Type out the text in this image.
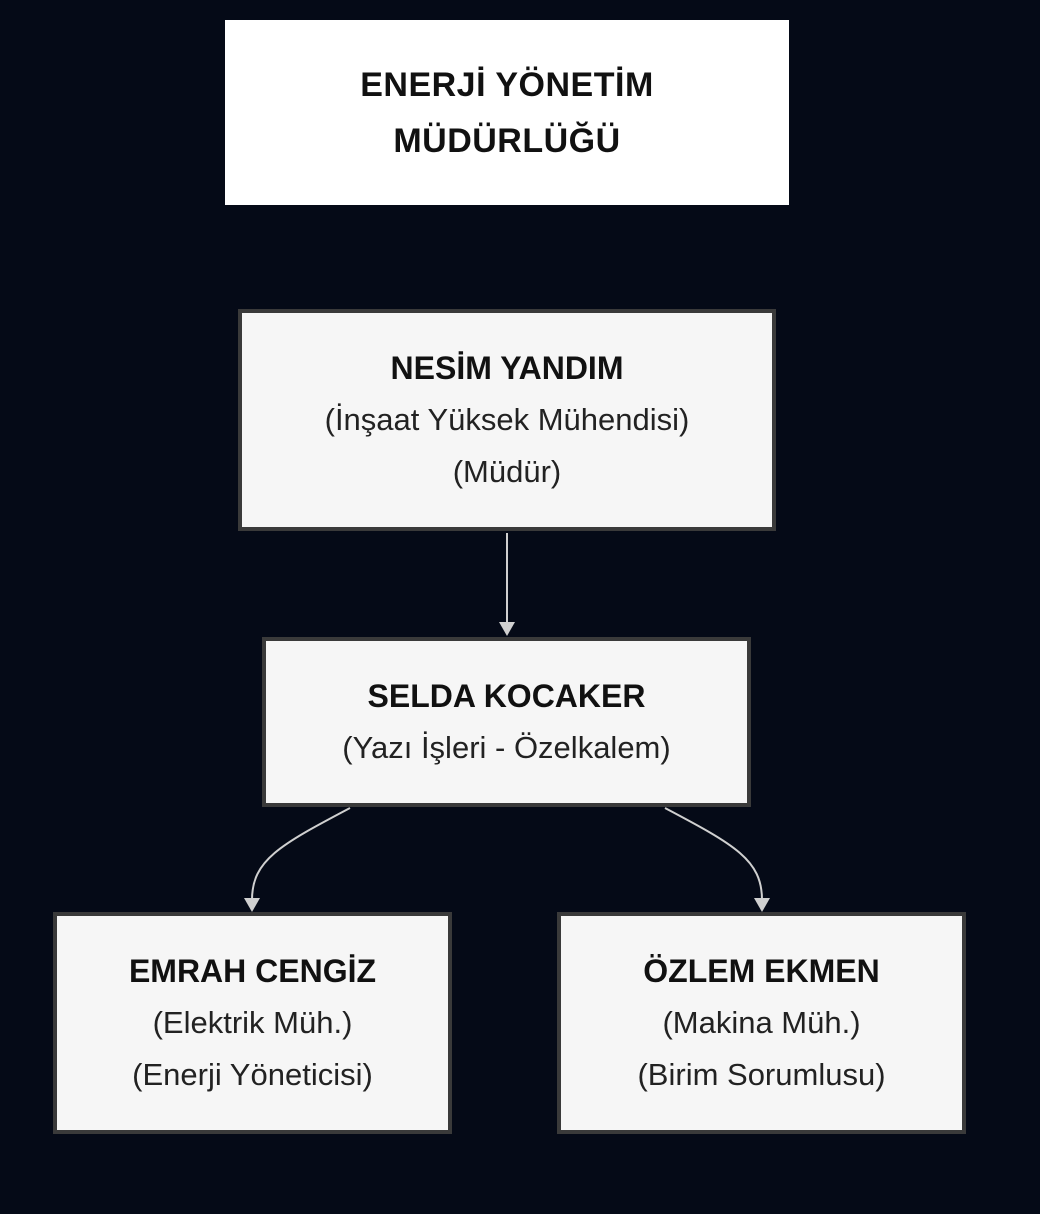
ENERJİ YÖNETİM
MÜDÜRLÜĞÜ
NESİM YANDIM
(İnşaat Yüksek Mühendisi)
(Müdür)
SELDA KOCAKER
(Yazı İşleri - Özelkalem)
EMRAH CENGİZ
(Elektrik Müh.)
(Enerji Yöneticisi)
ÖZLEM EKMEN
(Makina Müh.)
(Birim Sorumlusu)
